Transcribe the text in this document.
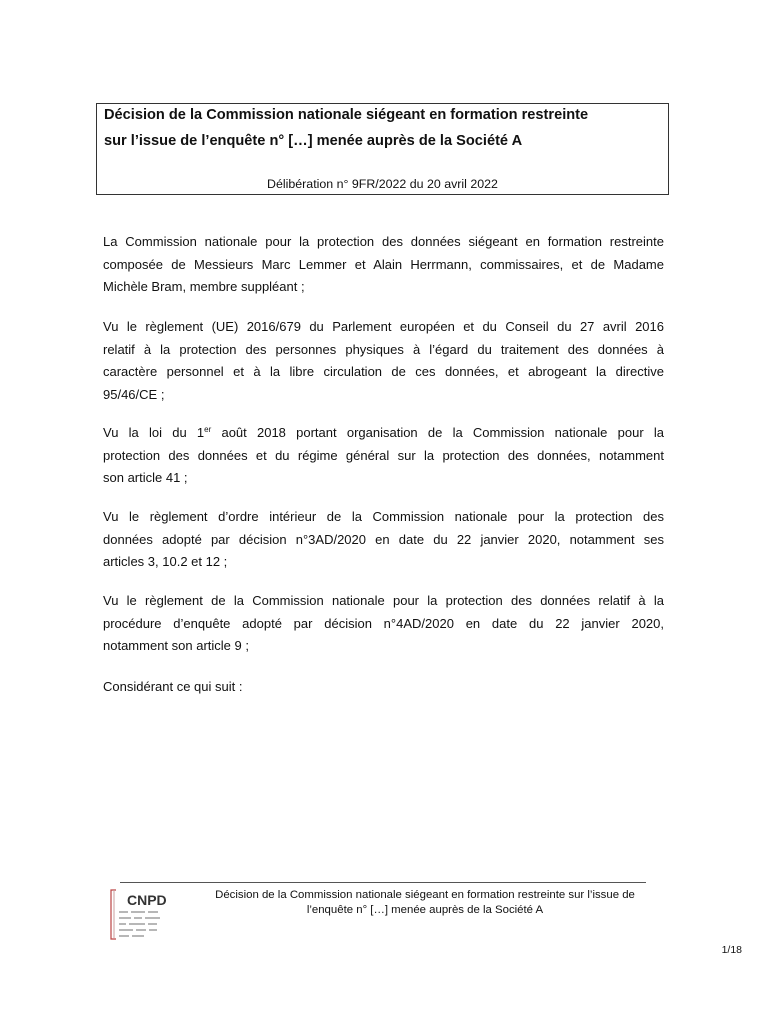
Décision de la Commission nationale siégeant en formation restreinte
sur l’issue de l’enquête n° […] menée auprès de la Société A
Délibération n° 9FR/2022 du 20 avril 2022
La Commission nationale pour la protection des données siégeant en formation restreinte
composée de Messieurs Marc Lemmer et Alain Herrmann, commissaires, et de Madame
Michèle Bram, membre suppléant ;
Vu le règlement (UE) 2016/679 du Parlement européen et du Conseil du 27 avril 2016
relatif à la protection des personnes physiques à l’égard du traitement des données à
caractère personnel et à la libre circulation de ces données, et abrogeant la directive
95/46/CE ;
Vu la loi du 1er août 2018 portant organisation de la Commission nationale pour la
protection des données et du régime général sur la protection des données, notamment
son article 41 ;
Vu le règlement d’ordre intérieur de la Commission nationale pour la protection des
données adopté par décision n°3AD/2020 en date du 22 janvier 2020, notamment ses
articles 3, 10.2 et 12 ;
Vu le règlement de la Commission nationale pour la protection des données relatif à la
procédure d’enquête adopté par décision n°4AD/2020 en date du 22 janvier 2020,
notamment son article 9 ;
Considérant ce qui suit :
CNPD	Décision de la Commission nationale siégeant en formation restreinte sur l’issue de
l’enquête n° […] menée auprès de la Société A
1/18
